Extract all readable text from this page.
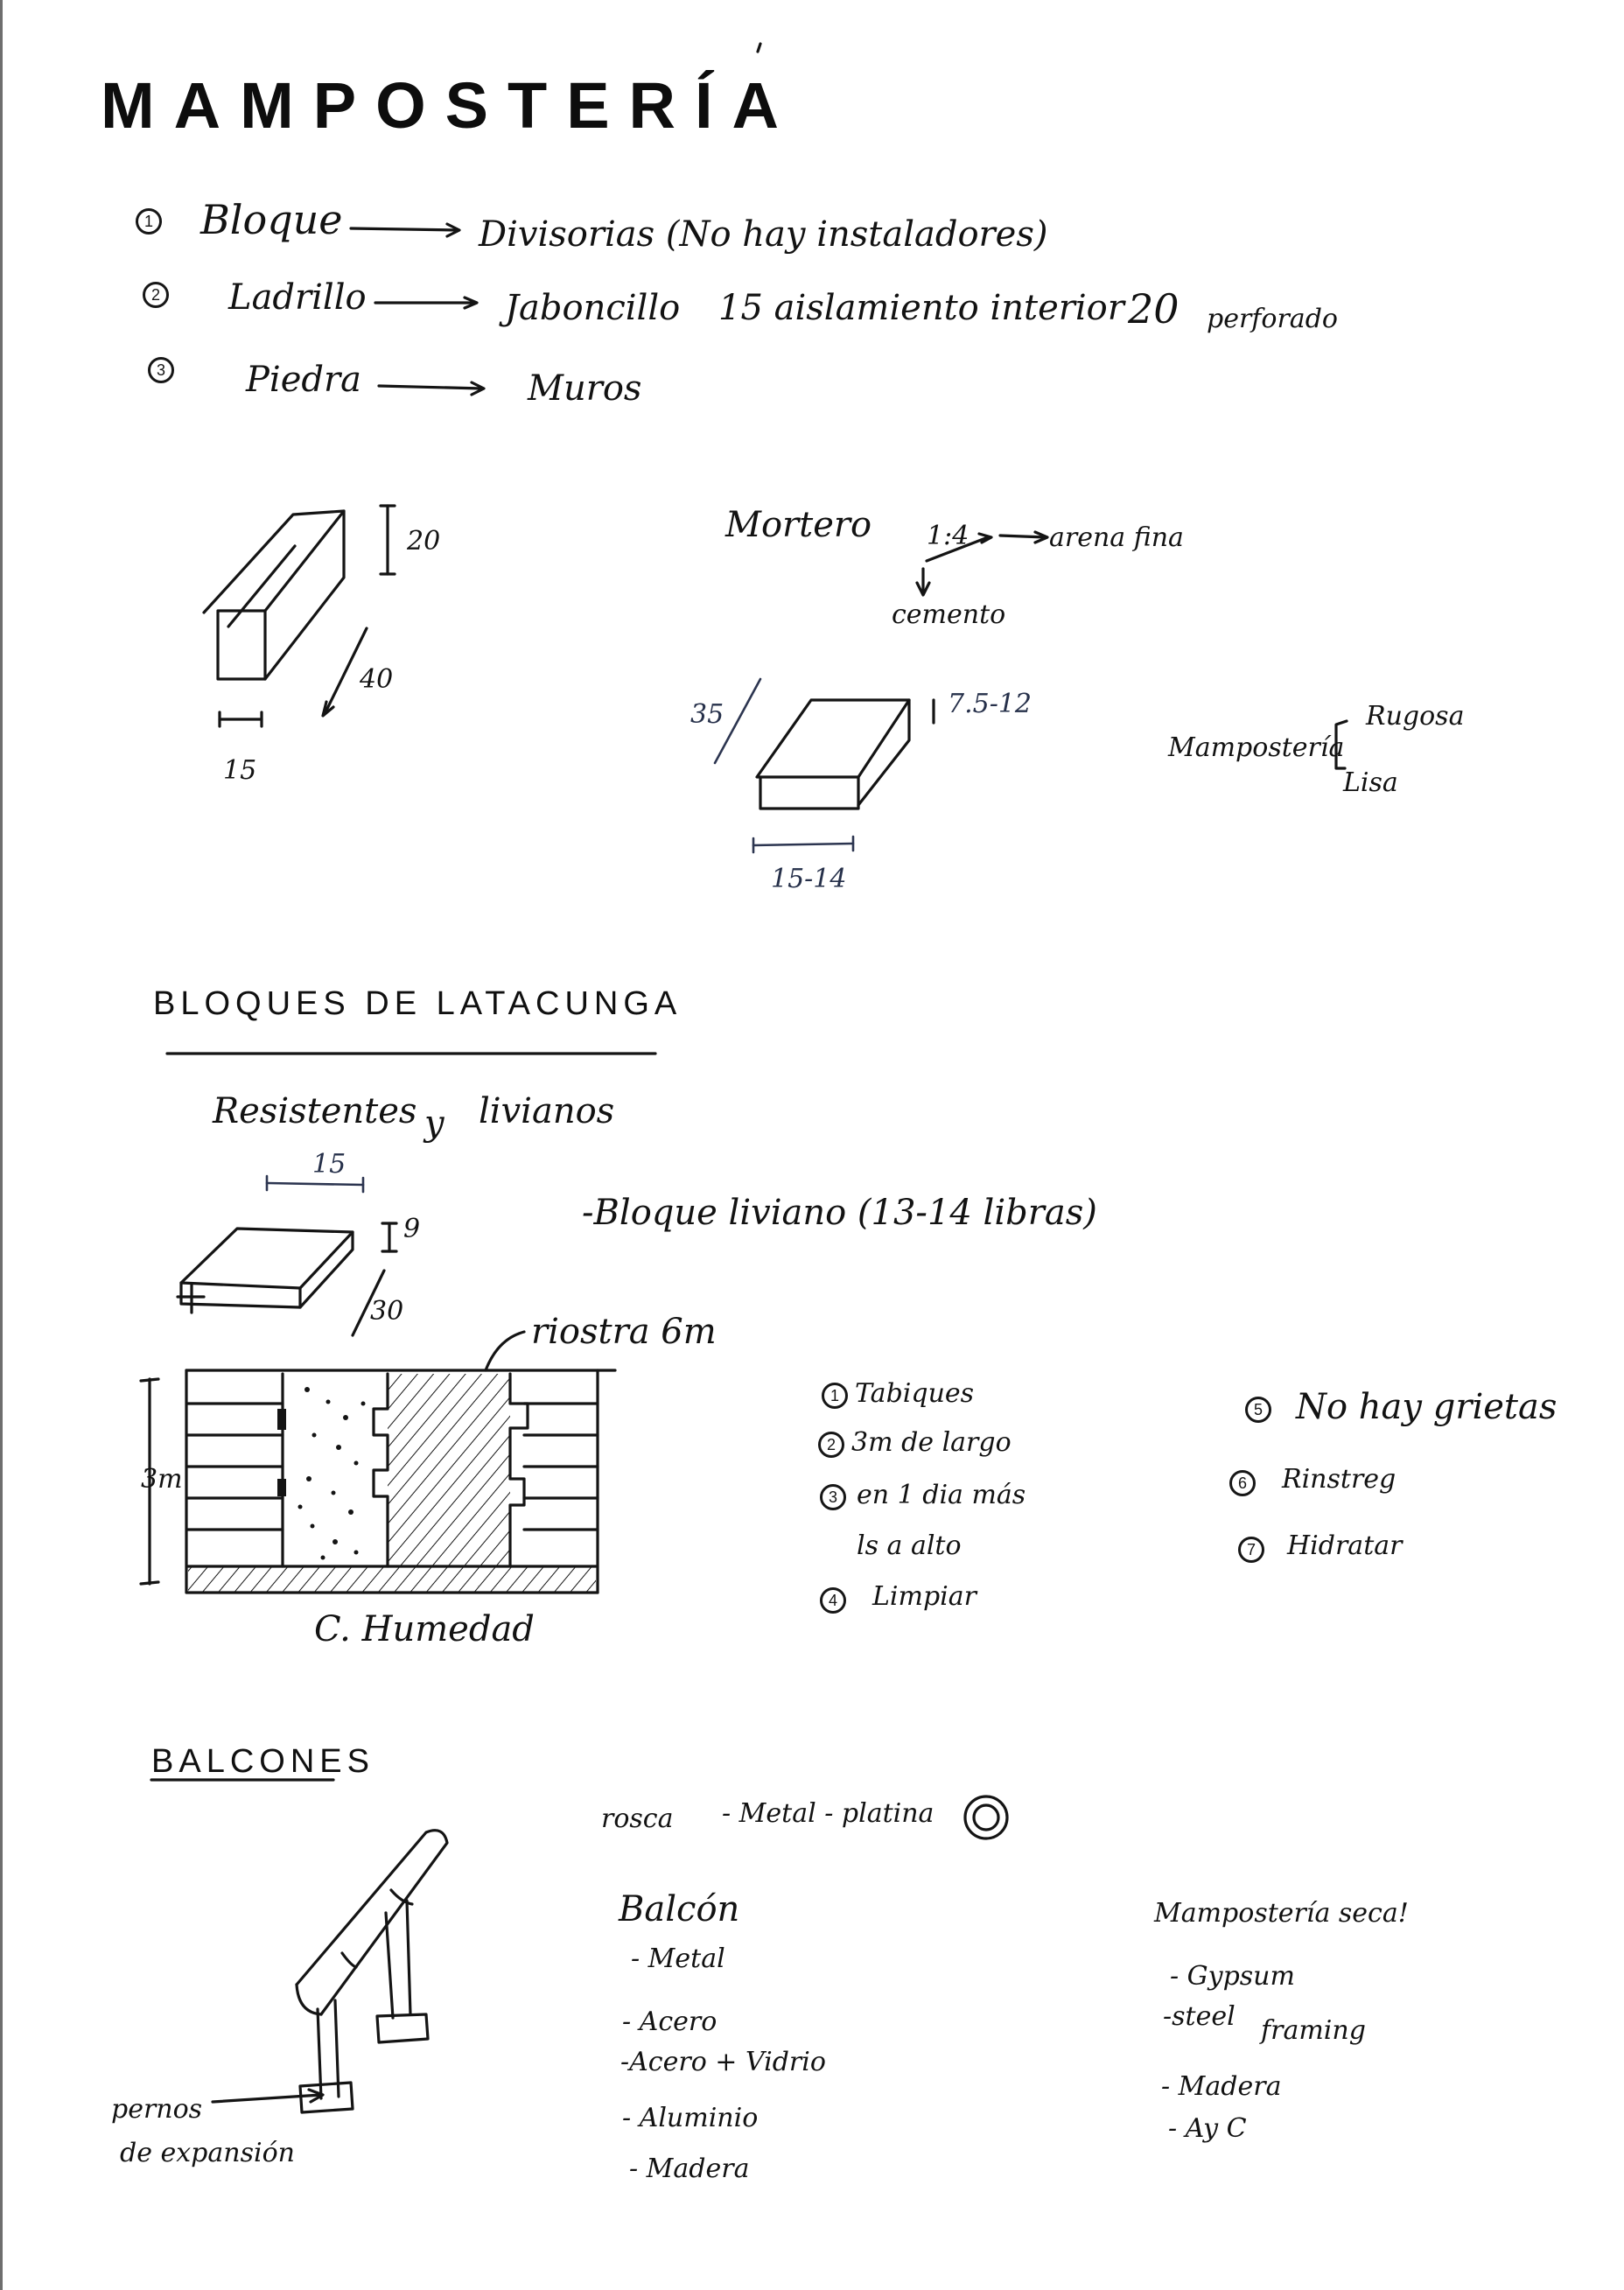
MAMPOSTERÍA
1 Bloque	Divisorias (No hay instaladores)
2 Ladrillo	Jaboncillo 15 aislamiento interior 20 perforado
3 Piedra	Muros
20
40
15
Mortero 1:4	arena fina
cemento
35	7.5-12
15-14
Mampostería
Rugosa
Lisa
BLOQUES DE LATACUNGA
Resistentes y livianos
15
9
30
-Bloque liviano (13-14 libras)
riostra 6m
3m
C. Humedad
1 Tabiques
2 3m de largo
3 en 1 dia más
ls a alto
4	Limpiar
5 No hay grietas
6	Rinstreg
7	Hidratar
BALCONES
rosca - Metal - platina
pernos
de expansión
Balcón
- Metal
- Acero
-Acero + Vidrio
- Aluminio
- Madera
Mampostería seca!
- Gypsum
-steel framing
- Madera
- Ay C
